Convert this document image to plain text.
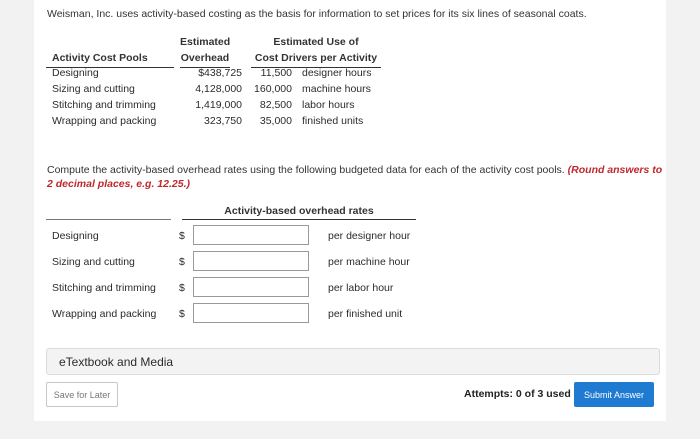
Weisman, Inc. uses activity-based costing as the basis for information to set prices for its six lines of seasonal coats.
Estimated	Estimated Use of
Activity Cost Pools	Overhead	Cost Drivers per Activity
Designing	$438,725	11,500 designer hours
Sizing and cutting	4,128,000	160,000 machine hours
Stitching and trimming	1,419,000	82,500 labor hours
Wrapping and packing	323,750	35,000 finished units
Compute the activity-based overhead rates using the following budgeted data for each of the activity cost pools. (Round answers to 2 decimal places, e.g. 12.25.)
Activity-based overhead rates
Designing	$	per designer hour
Sizing and cutting	$	per machine hour
Stitching and trimming $	per labor hour
Wrapping and packing $	per finished unit
eTextbook and Media
Save for Later	Attempts: 0 of 3 used	Submit Answer
